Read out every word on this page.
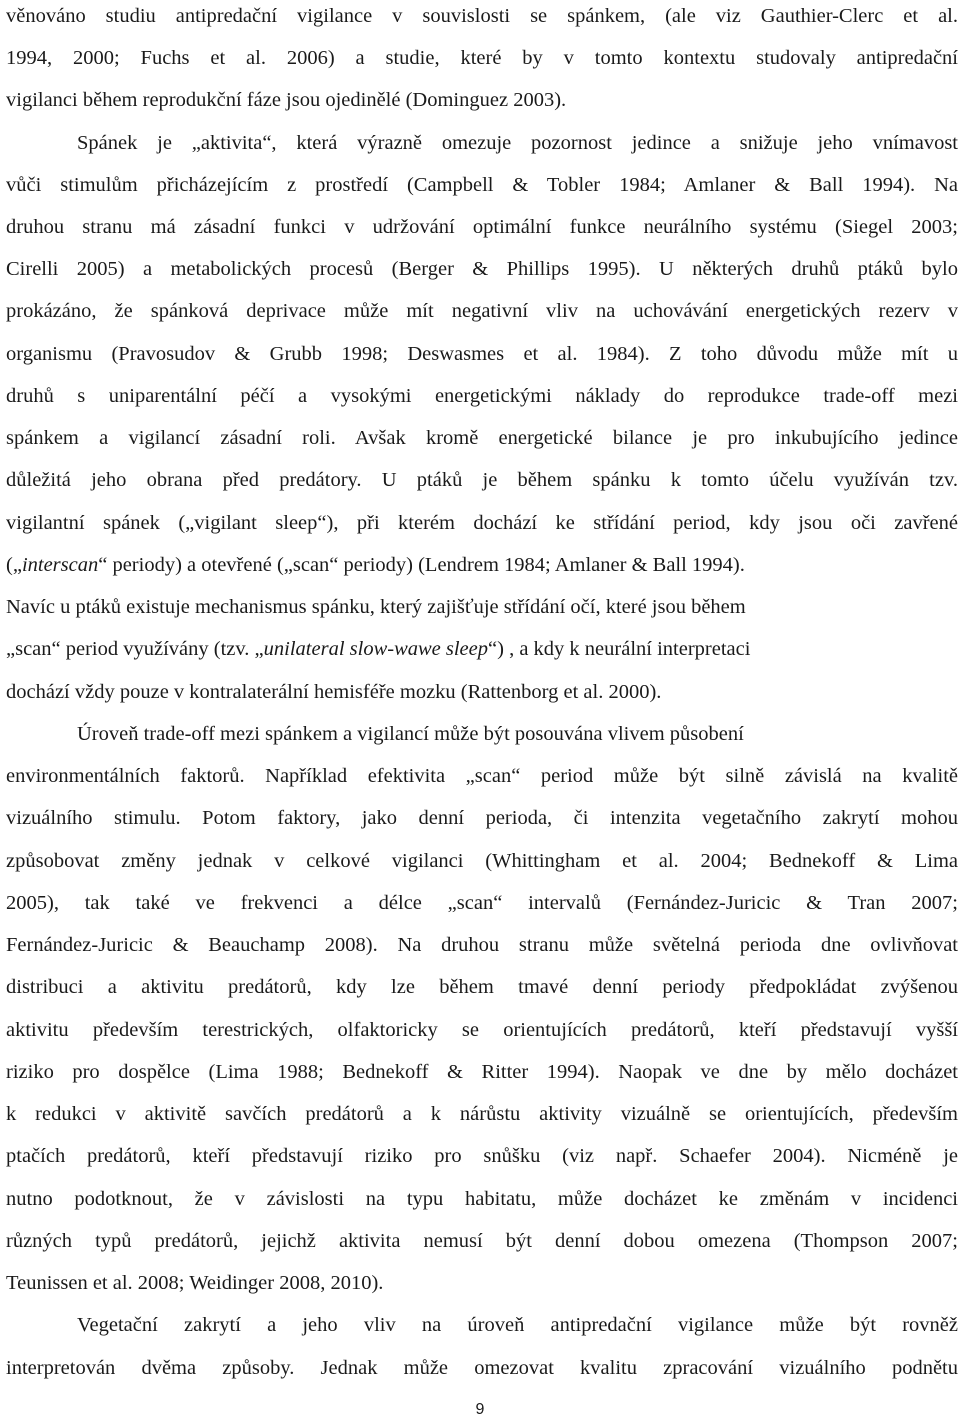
věnováno studiu antipredační vigilance v souvislosti se spánkem, (ale viz Gauthier-Clerc et al.
1994, 2000; Fuchs et al. 2006) a studie, které by v tomto kontextu studovaly antipredační
vigilanci během reprodukční fáze jsou ojedinělé (Dominguez 2003).
Spánek je „aktivita“, která výrazně omezuje pozornost jedince a snižuje jeho vnímavost
vůči stimulům přicházejícím z prostředí (Campbell & Tobler 1984; Amlaner & Ball 1994). Na
druhou stranu má zásadní funkci v udržování optimální funkce neurálního systému (Siegel 2003;
Cirelli 2005) a metabolických procesů (Berger & Phillips 1995). U některých druhů ptáků bylo
prokázáno, že spánková deprivace může mít negativní vliv na uchovávání energetických rezerv v
organismu (Pravosudov & Grubb 1998; Deswasmes et al. 1984). Z toho důvodu může mít u
druhů s uniparentální péčí a vysokými energetickými náklady do reprodukce trade-off mezi
spánkem a vigilancí zásadní roli. Avšak kromě energetické bilance je pro inkubujícího jedince
důležitá jeho obrana před predátory. U ptáků je během spánku k tomto účelu využíván tzv.
vigilantní spánek („vigilant sleep“), při kterém dochází ke střídání period, kdy jsou oči zavřené
(„interscan“ periody) a otevřené („scan“ periody) (Lendrem 1984; Amlaner & Ball 1994).
Navíc u ptáků existuje mechanismus spánku, který zajišťuje střídání očí, které jsou během
„scan“ period využívány (tzv. „unilateral slow-wawe sleep“) , a kdy k neurální interpretaci
dochází vždy pouze v kontralaterální hemisféře mozku (Rattenborg et al. 2000).
Úroveň trade-off mezi spánkem a vigilancí může být posouvána vlivem působení
environmentálních faktorů. Například efektivita „scan“ period může být silně závislá na kvalitě
vizuálního stimulu. Potom faktory, jako denní perioda, či intenzita vegetačního zakrytí mohou
způsobovat změny jednak v celkové vigilanci (Whittingham et al. 2004; Bednekoff & Lima
2005), tak také ve frekvenci a délce „scan“ intervalů (Fernández-Juricic & Tran 2007;
Fernández-Juricic & Beauchamp 2008). Na druhou stranu může světelná perioda dne ovlivňovat
distribuci a aktivitu predátorů, kdy lze během tmavé denní periody předpokládat zvýšenou
aktivitu především terestrických, olfaktoricky se orientujících predátorů, kteří představují vyšší
riziko pro dospělce (Lima 1988; Bednekoff & Ritter 1994). Naopak ve dne by mělo docházet
k redukci v aktivitě savčích predátorů a k nárůstu aktivity vizuálně se orientujících, především
ptačích predátorů, kteří představují riziko pro snůšku (viz např. Schaefer 2004). Nicméně je
nutno podotknout, že v závislosti na typu habitatu, může docházet ke změnám v incidenci
různých typů predátorů, jejichž aktivita nemusí být denní dobou omezena (Thompson 2007;
Teunissen et al. 2008; Weidinger 2008, 2010).
Vegetační zakrytí a jeho vliv na úroveň antipredační vigilance může být rovněž
interpretován dvěma způsoby. Jednak může omezovat kvalitu zpracování vizuálního podnětu
9
